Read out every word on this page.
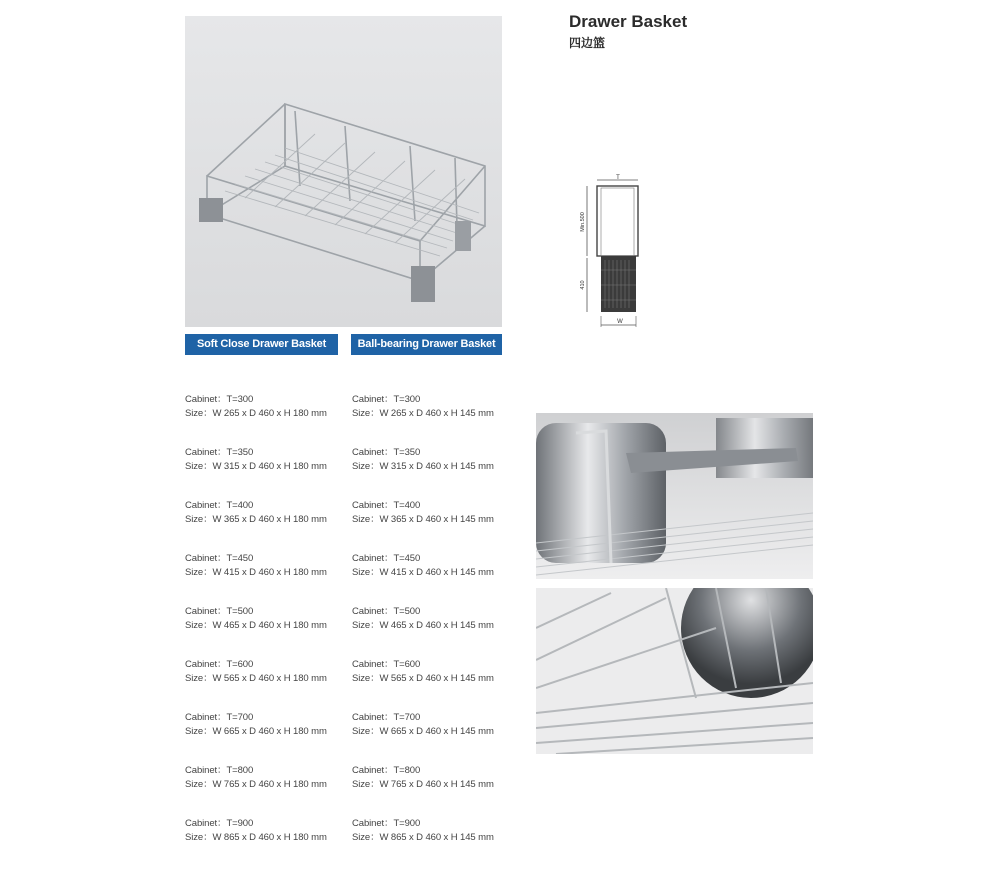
Soft Close Drawer Basket	Ball-bearing Drawer Basket
Drawer Basket
四边篮
T
Min.500
410
W
Cabinet：T=300
Size：W 265 x D 460 x H 180 mm
Cabinet：T=350
Size：W 315 x D 460 x H 180 mm
Cabinet：T=400
Size：W 365 x D 460 x H 180 mm
Cabinet：T=450
Size：W 415 x D 460 x H 180 mm
Cabinet：T=500
Size：W 465 x D 460 x H 180 mm
Cabinet：T=600
Size：W 565 x D 460 x H 180 mm
Cabinet：T=700
Size：W 665 x D 460 x H 180 mm
Cabinet：T=800
Size：W 765 x D 460 x H 180 mm
Cabinet：T=900
Size：W 865 x D 460 x H 180 mm
Cabinet：T=300
Size：W 265 x D 460 x H 145 mm
Cabinet：T=350
Size：W 315 x D 460 x H 145 mm
Cabinet：T=400
Size：W 365 x D 460 x H 145 mm
Cabinet：T=450
Size：W 415 x D 460 x H 145 mm
Cabinet：T=500
Size：W 465 x D 460 x H 145 mm
Cabinet：T=600
Size：W 565 x D 460 x H 145 mm
Cabinet：T=700
Size：W 665 x D 460 x H 145 mm
Cabinet：T=800
Size：W 765 x D 460 x H 145 mm
Cabinet：T=900
Size：W 865 x D 460 x H 145 mm
